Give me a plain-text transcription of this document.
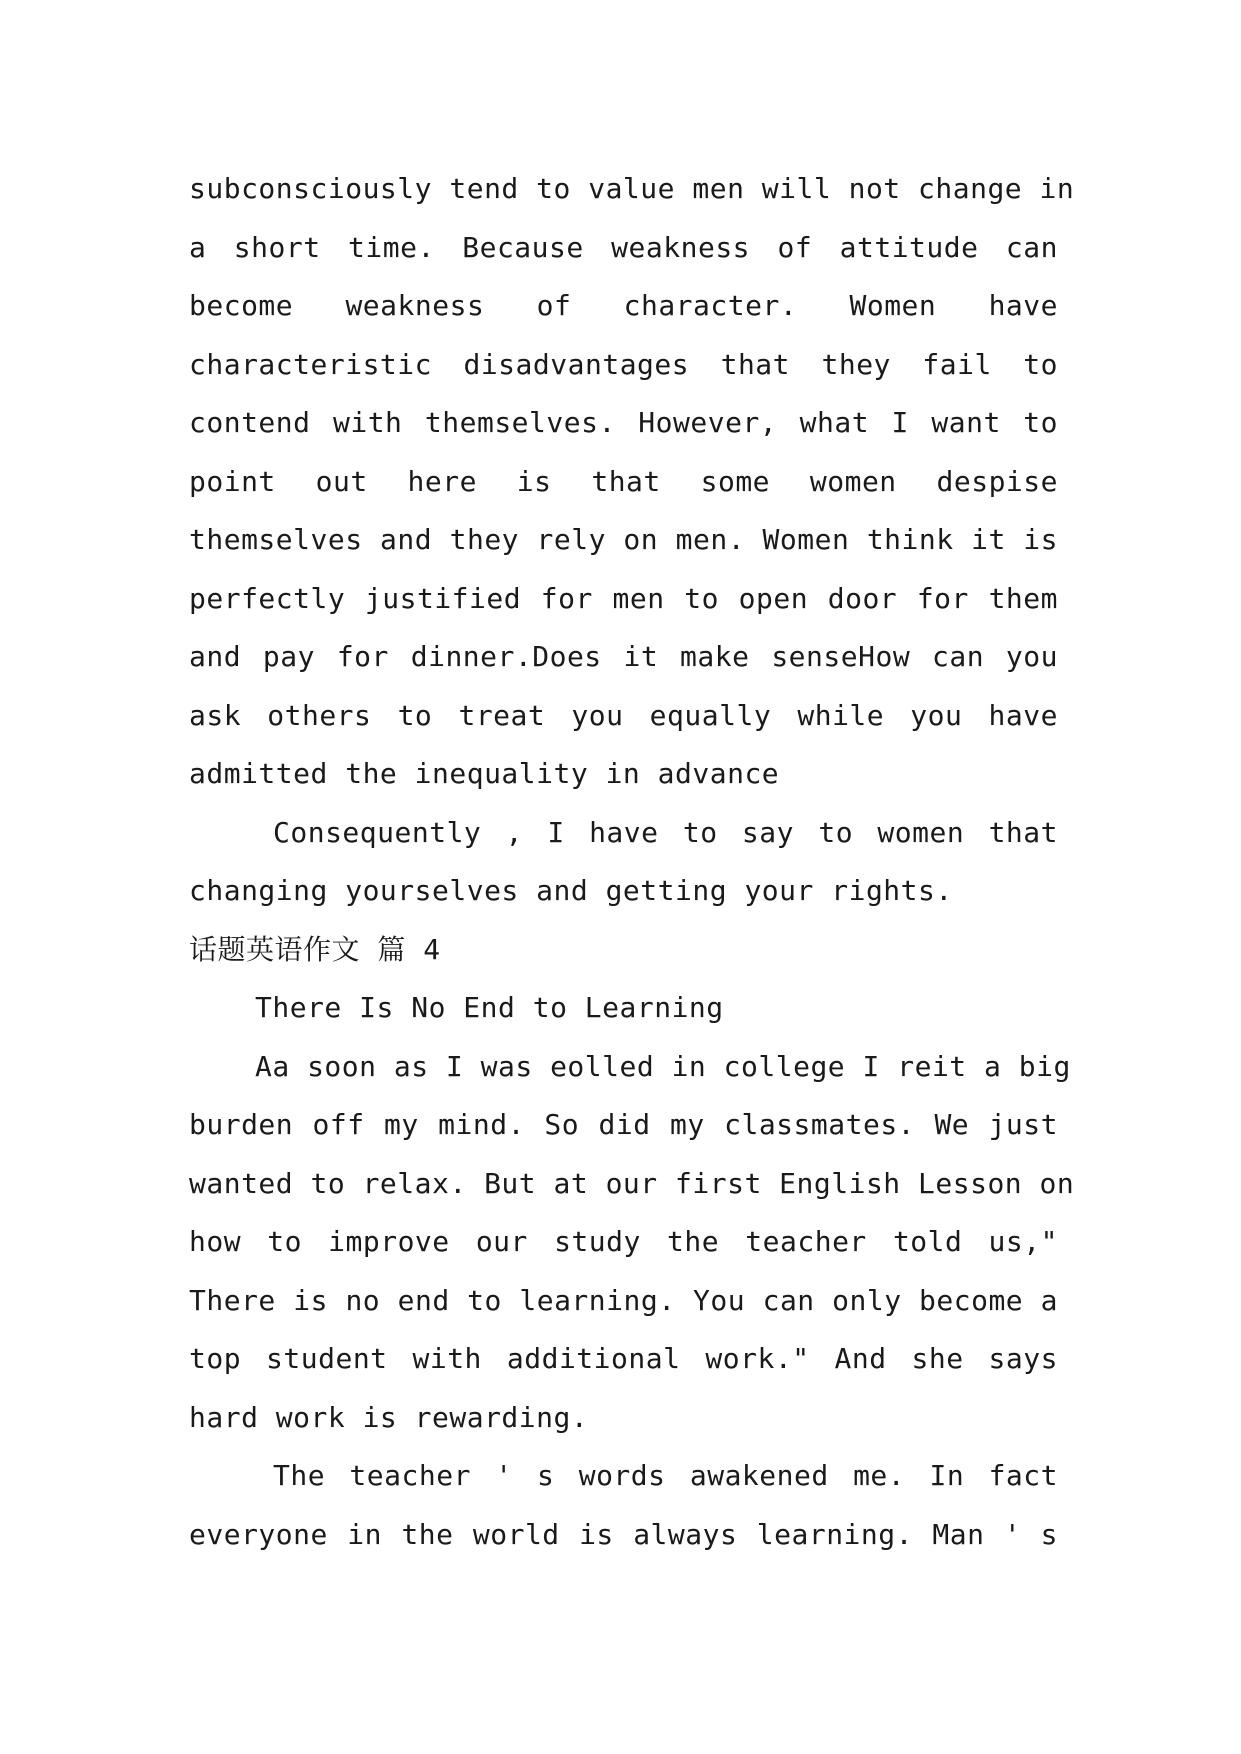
subconsciously tend to value men will not change in
a short time. Because weakness of attitude can
become weakness of character. Women have
characteristic disadvantages that they fail to
contend with themselves. However, what I want to
point out here is that some women despise
themselves and they rely on men. Women think it is
perfectly justified for men to open door for them
and pay for dinner.Does it make senseHow can you
ask others to treat you equally while you have
admitted the inequality in advance
Consequently , I have to say to women that
changing yourselves and getting your rights.
话题英语作文 篇 4
There Is No End to Learning
Aa soon as I was eolled in college I reit a big
burden off my mind. So did my classmates. We just
wanted to relax. But at our first English Lesson on
how to improve our study the teacher told us,"
There is no end to learning. You can only become a
top student with additional work." And she says
hard work is rewarding.
The teacher ' s words awakened me. In fact
everyone in the world is always learning. Man ' s
